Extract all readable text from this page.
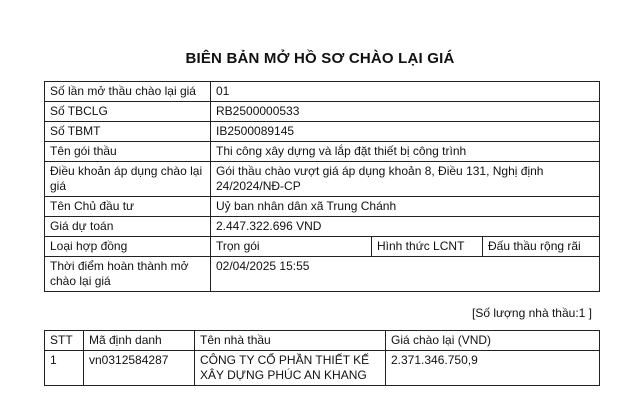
BIÊN BẢN MỞ HỒ SƠ CHÀO LẠI GIÁ
Số lần mở thầu chào lại giá	01		
Số TBCLG	RB2500000533		
Số TBMT	IB2500089145		
Tên gói thầu	Thi công xây dựng và lắp đặt thiết bị công trình		
Điều khoản áp dụng chào lại giá	Gói thầu chào vượt giá áp dụng khoản 8, Điều 131, Nghị định 24/2024/NĐ-CP		
Tên Chủ đầu tư	Uỷ ban nhân dân xã Trung Chánh		
Giá dự toán	2.447.322.696 VND		
Loại hợp đồng	Trọn gói	Hình thức LCNT	Đấu thầu rộng rãi
Thời điểm hoàn thành mở chào lại giá	02/04/2025 15:55		
[Số lượng nhà thầu:1 ]
STT	Mã định danh	Tên nhà thầu	Giá chào lại (VND)
1	vn0312584287	CÔNG TY CỔ PHẦN THIẾT KẾ XÂY DỰNG PHÚC AN KHANG	2.371.346.750,9
